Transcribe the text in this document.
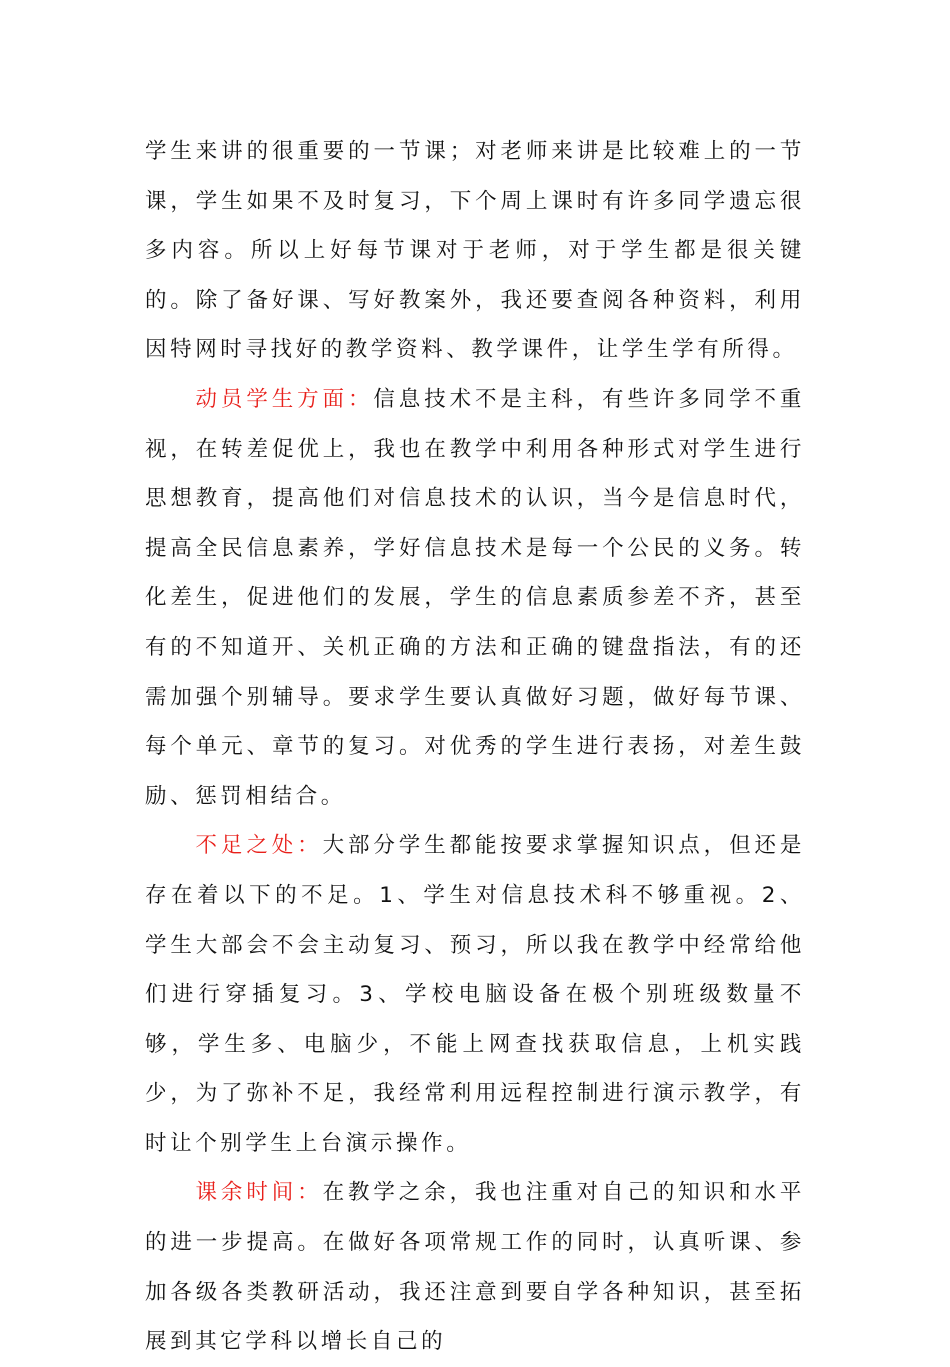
学生来讲的很重要的一节课；对老师来讲是比较难上的一节课，学生如果不及时复习，下个周上课时有许多同学遗忘很多内容。所以上好每节课对于老师，对于学生都是很关键的。除了备好课、写好教案外，我还要查阅各种资料，利用因特网时寻找好的教学资料、教学课件，让学生学有所得。

动员学生方面：信息技术不是主科，有些许多同学不重视，在转差促优上，我也在教学中利用各种形式对学生进行思想教育，提高他们对信息技术的认识，当今是信息时代，提高全民信息素养，学好信息技术是每一个公民的义务。转化差生，促进他们的发展，学生的信息素质参差不齐，甚至有的不知道开、关机正确的方法和正确的键盘指法，有的还需加强个别辅导。要求学生要认真做好习题，做好每节课、每个单元、章节的复习。对优秀的学生进行表扬，对差生鼓励、惩罚相结合。

不足之处：大部分学生都能按要求掌握知识点，但还是存在着以下的不足。1、学生对信息技术科不够重视。2、学生大部会不会主动复习、预习，所以我在教学中经常给他们进行穿插复习。3、学校电脑设备在极个别班级数量不够，学生多、电脑少，不能上网查找获取信息，上机实践少，为了弥补不足，我经常利用远程控制进行演示教学，有时让个别学生上台演示操作。

课余时间：在教学之余，我也注重对自己的知识和水平的进一步提高。在做好各项常规工作的同时，认真听课、参加各级各类教研活动，我还注意到要自学各种知识，甚至拓展到其它学科以增长自己的
